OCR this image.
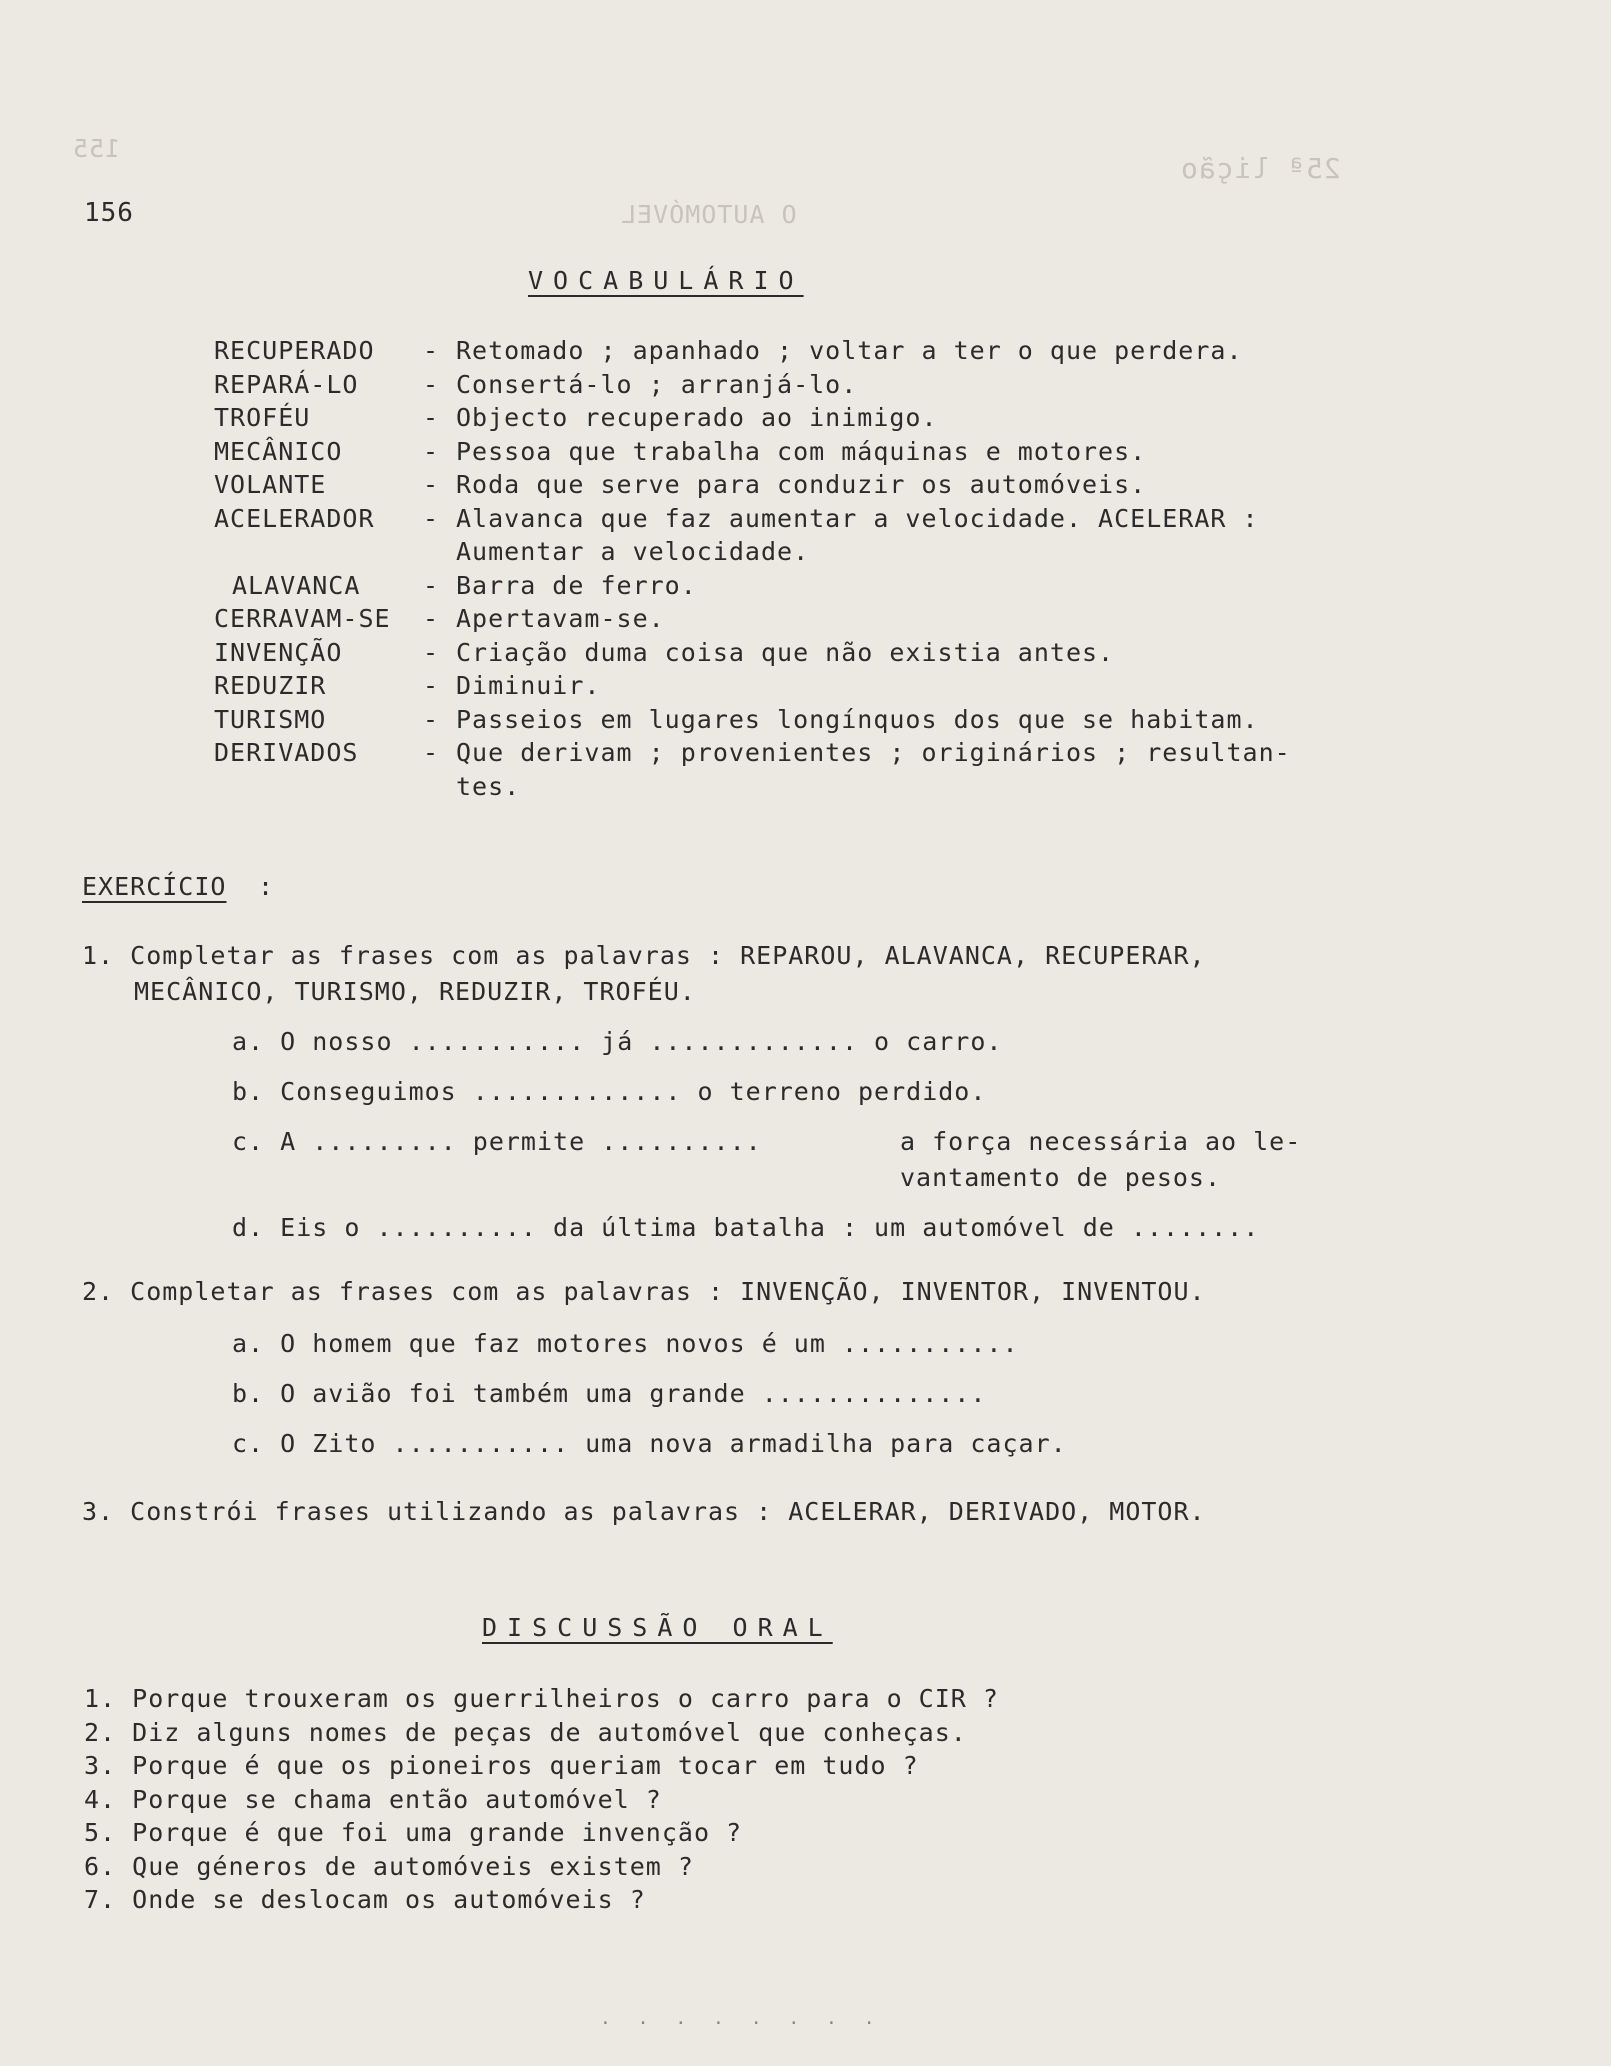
25ª lição
O AUTOMÓVEL
155
156
VOCABULÁRIO
RECUPERADO	- Retomado ; apanhado ; voltar a ter o que perdera.
REPARÁ-LO	- Consertá-lo ; arranjá-lo.
TROFÉU	- Objecto recuperado ao inimigo.
MECÂNICO	- Pessoa que trabalha com máquinas e motores.
VOLANTE	- Roda que serve para conduzir os automóveis.
ACELERADOR	- Alavanca que faz aumentar a velocidade. ACELERAR :
Aumentar a velocidade.
ALAVANCA	- Barra de ferro.
CERRAVAM-SE	- Apertavam-se.
INVENÇÃO	- Criação duma coisa que não existia antes.
REDUZIR	- Diminuir.
TURISMO	- Passeios em lugares longínquos dos que se habitam.
DERIVADOS	- Que derivam ; provenientes ; originários ; resultan-
tes.
EXERCÍCIO :
1. Completar as frases com as palavras : REPAROU, ALAVANCA, RECUPERAR,
MECÂNICO, TURISMO, REDUZIR, TROFÉU.
a. O nosso ........... já ............. o carro.
b. Conseguimos ............. o terreno perdido.
c. A ......... permite ..........	a força necessária ao le-vantamento de pesos.
d. Eis o .......... da última batalha : um automóvel de ........
2. Completar as frases com as palavras : INVENÇÃO, INVENTOR, INVENTOU.
a. O homem que faz motores novos é um ...........
b. O avião foi também uma grande ..............
c. O Zito ........... uma nova armadilha para caçar.
3. Constrói frases utilizando as palavras : ACELERAR, DERIVADO, MOTOR.
DISCUSSÃO ORAL
1. Porque trouxeram os guerrilheiros o carro para o CIR ?
2. Diz alguns nomes de peças de automóvel que conheças.
3. Porque é que os pioneiros queriam tocar em tudo ?
4. Porque se chama então automóvel ?
5. Porque é que foi uma grande invenção ?
6. Que géneros de automóveis existem ?
7. Onde se deslocam os automóveis ?
. . . . . . . .
